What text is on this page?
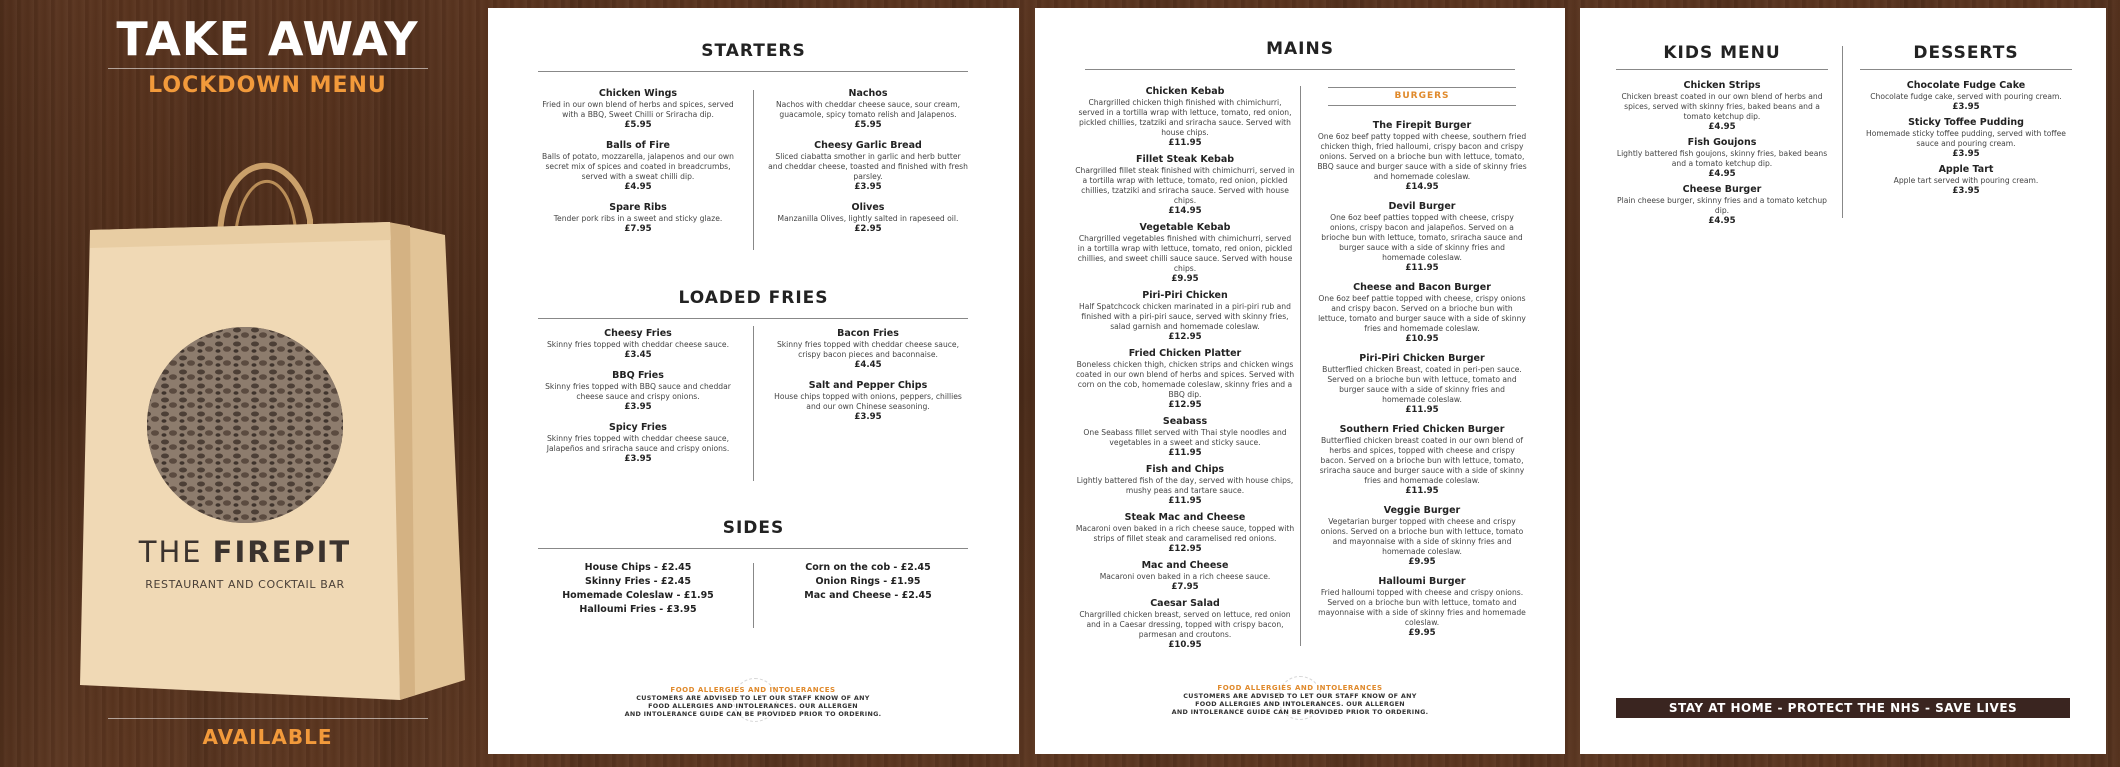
TAKE AWAY
LOCKDOWN MENU
THE FIREPIT
RESTAURANT AND COCKTAIL BAR
AVAILABLE
STARTERS
Chicken Wings
Fried in our own blend of herbs and spices, served with a BBQ, Sweet Chilli or Sriracha dip.
£5.95
Balls of Fire
Balls of potato, mozzarella, jalapenos and our own secret mix of spices and coated in breadcrumbs, served with a sweat chilli dip.
£4.95
Spare Ribs
Tender pork ribs in a sweet and sticky glaze.
£7.95
Nachos
Nachos with cheddar cheese sauce, sour cream, guacamole, spicy tomato relish and Jalapenos.
£5.95
Cheesy Garlic Bread
Sliced ciabatta smother in garlic and herb butter and cheddar cheese, toasted and finished with fresh parsley.
£3.95
Olives
Manzanilla Olives, lightly salted in rapeseed oil.
£2.95
LOADED FRIES
Cheesy Fries
Skinny fries topped with cheddar cheese sauce.
£3.45
BBQ Fries
Skinny fries topped with BBQ sauce and cheddar cheese sauce and crispy onions.
£3.95
Spicy Fries
Skinny fries topped with cheddar cheese sauce, Jalapeños and sriracha sauce and crispy onions.
£3.95
Bacon Fries
Skinny fries topped with cheddar cheese sauce, crispy bacon pieces and baconnaise.
£4.45
Salt and Pepper Chips
House chips topped with onions, peppers, chillies and our own Chinese seasoning.
£3.95
SIDES
House Chips - £2.45
Skinny Fries - £2.45
Homemade Coleslaw - £1.95
Halloumi Fries - £3.95
Corn on the cob - £2.45
Onion Rings - £1.95
Mac and Cheese - £2.45
FOOD ALLERGIES AND INTOLERANCES
CUSTOMERS ARE ADVISED TO LET OUR STAFF KNOW OF ANY
FOOD ALLERGIES AND INTOLERANCES. OUR ALLERGEN
AND INTOLERANCE GUIDE CAN BE PROVIDED PRIOR TO ORDERING.
MAINS
Chicken Kebab
Chargrilled chicken thigh finished with chimichurri, served in a tortilla wrap with lettuce, tomato, red onion, pickled chillies, tzatziki and sriracha sauce. Served with house chips.
£11.95
Fillet Steak Kebab
Chargrilled fillet steak finished with chimichurri, served in a tortilla wrap with lettuce, tomato, red onion, pickled chillies, tzatziki and sriracha sauce. Served with house chips.
£14.95
Vegetable Kebab
Chargrilled vegetables finished with chimichurri, served in a tortilla wrap with lettuce, tomato, red onion, pickled chillies, and sweet chilli sauce sauce. Served with house chips.
£9.95
Piri-Piri Chicken
Half Spatchcock chicken marinated in a piri-piri rub and finished with a piri-piri sauce, served with skinny fries, salad garnish and homemade coleslaw.
£12.95
Fried Chicken Platter
Boneless chicken thigh, chicken strips and chicken wings coated in our own blend of herbs and spices. Served with corn on the cob, homemade coleslaw, skinny fries and a BBQ dip.
£12.95
Seabass
One Seabass fillet served with Thai style noodles and vegetables in a sweet and sticky sauce.
£11.95
Fish and Chips
Lightly battered fish of the day, served with house chips, mushy peas and tartare sauce.
£11.95
Steak Mac and Cheese
Macaroni oven baked in a rich cheese sauce, topped with strips of fillet steak and caramelised red onions.
£12.95
Mac and Cheese
Macaroni oven baked in a rich cheese sauce.
£7.95
Caesar Salad
Chargrilled chicken breast, served on lettuce, red onion and in a Caesar dressing, topped with crispy bacon, parmesan and croutons.
£10.95
BURGERS
The Firepit Burger
One 6oz beef patty topped with cheese, southern fried chicken thigh, fried halloumi, crispy bacon and crispy onions. Served on a brioche bun with lettuce, tomato, BBQ sauce and burger sauce with a side of skinny fries and homemade coleslaw.
£14.95
Devil Burger
One 6oz beef patties topped with cheese, crispy onions, crispy bacon and jalapeños. Served on a brioche bun with lettuce, tomato, sriracha sauce and burger sauce with a side of skinny fries and homemade coleslaw.
£11.95
Cheese and Bacon Burger
One 6oz beef pattie topped with cheese, crispy onions and crispy bacon. Served on a brioche bun with lettuce, tomato and burger sauce with a side of skinny fries and homemade coleslaw.
£10.95
Piri-Piri Chicken Burger
Butterflied chicken Breast, coated in peri-pen sauce. Served on a brioche bun with lettuce, tomato and burger sauce with a side of skinny fries and homemade coleslaw.
£11.95
Southern Fried Chicken Burger
Butterflied chicken breast coated in our own blend of herbs and spices, topped with cheese and crispy bacon. Served on a brioche bun with lettuce, tomato, sriracha sauce and burger sauce with a side of skinny fries and homemade coleslaw.
£11.95
Veggie Burger
Vegetarian burger topped with cheese and crispy onions. Served on a brioche bun with lettuce, tomato and mayonnaise with a side of skinny fries and homemade coleslaw.
£9.95
Halloumi Burger
Fried halloumi topped with cheese and crispy onions. Served on a brioche bun with lettuce, tomato and mayonnaise with a side of skinny fries and homemade coleslaw.
£9.95
FOOD ALLERGIES AND INTOLERANCES
CUSTOMERS ARE ADVISED TO LET OUR STAFF KNOW OF ANY
FOOD ALLERGIES AND INTOLERANCES. OUR ALLERGEN
AND INTOLERANCE GUIDE CAN BE PROVIDED PRIOR TO ORDERING.
KIDS MENU
Chicken Strips
Chicken breast coated in our own blend of herbs and spices, served with skinny fries, baked beans and a tomato ketchup dip.
£4.95
Fish Goujons
Lightly battered fish goujons, skinny fries, baked beans and a tomato ketchup dip.
£4.95
Cheese Burger
Plain cheese burger, skinny fries and a tomato ketchup dip.
£4.95
DESSERTS
Chocolate Fudge Cake
Chocolate fudge cake, served with pouring cream.
£3.95
Sticky Toffee Pudding
Homemade sticky toffee pudding, served with toffee sauce and pouring cream.
£3.95
Apple Tart
Apple tart served with pouring cream.
£3.95
STAY AT HOME - PROTECT THE NHS - SAVE LIVES
